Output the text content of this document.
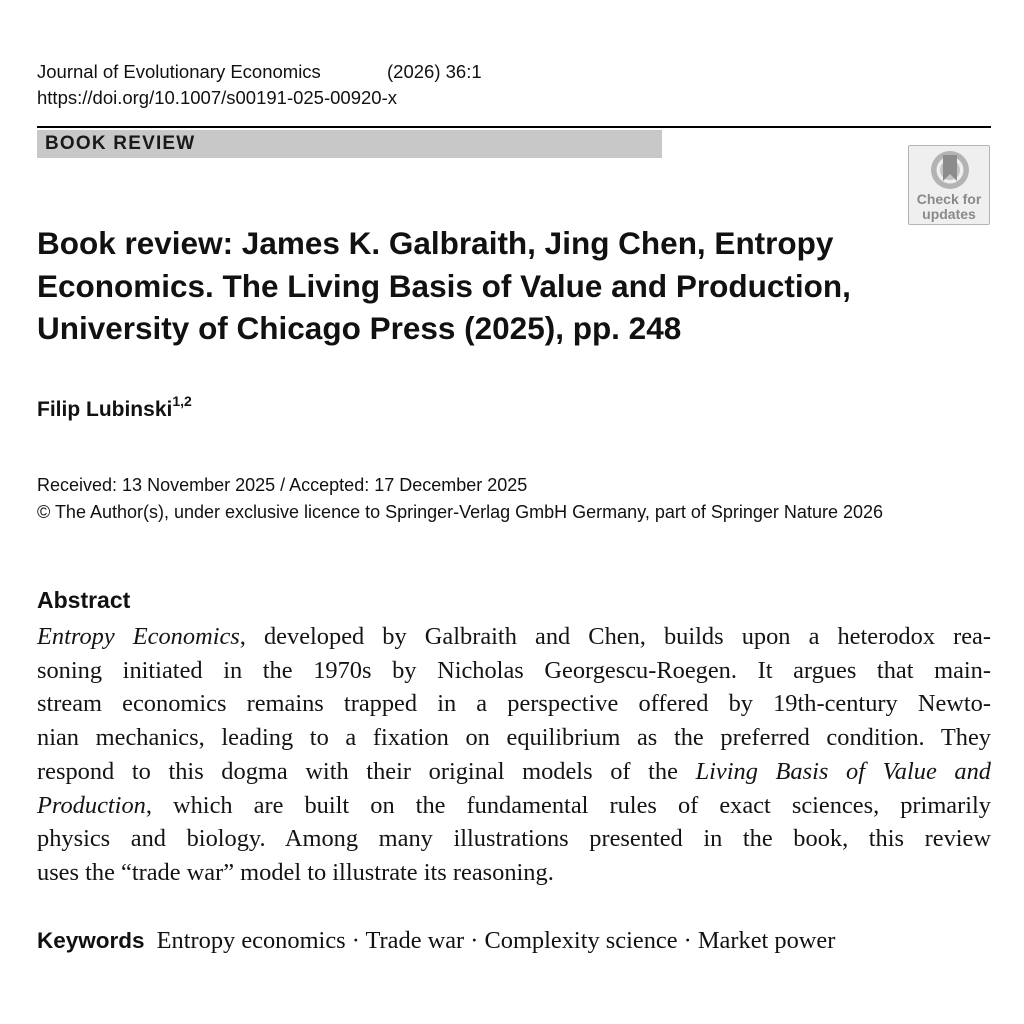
Journal of Evolutionary Economics	(2026) 36:1
https://doi.org/10.1007/s00191-025-00920-x
BOOK REVIEW
Check for
updates
Book review: James K. Galbraith, Jing Chen, Entropy
Economics. The Living Basis of Value and Production,
University of Chicago Press (2025), pp. 248
Filip Lubinski$^{1,2}$
Received: 13 November 2025 / Accepted: 17 December 2025
© The Author(s), under exclusive licence to Springer-Verlag GmbH Germany, part of Springer Nature 2026
Abstract
Entropy Economics, developed by Galbraith and Chen, builds upon a heterodox rea-
soning initiated in the 1970s by Nicholas Georgescu-Roegen. It argues that main-
stream economics remains trapped in a perspective offered by 19th-century Newto-
nian mechanics, leading to a fixation on equilibrium as the preferred condition. They
respond to this dogma with their original models of the Living Basis of Value and
Production, which are built on the fundamental rules of exact sciences, primarily
physics and biology. Among many illustrations presented in the book, this review
uses the “trade war” model to illustrate its reasoning.
Keywords Entropy economics · Trade war · Complexity science · Market power
